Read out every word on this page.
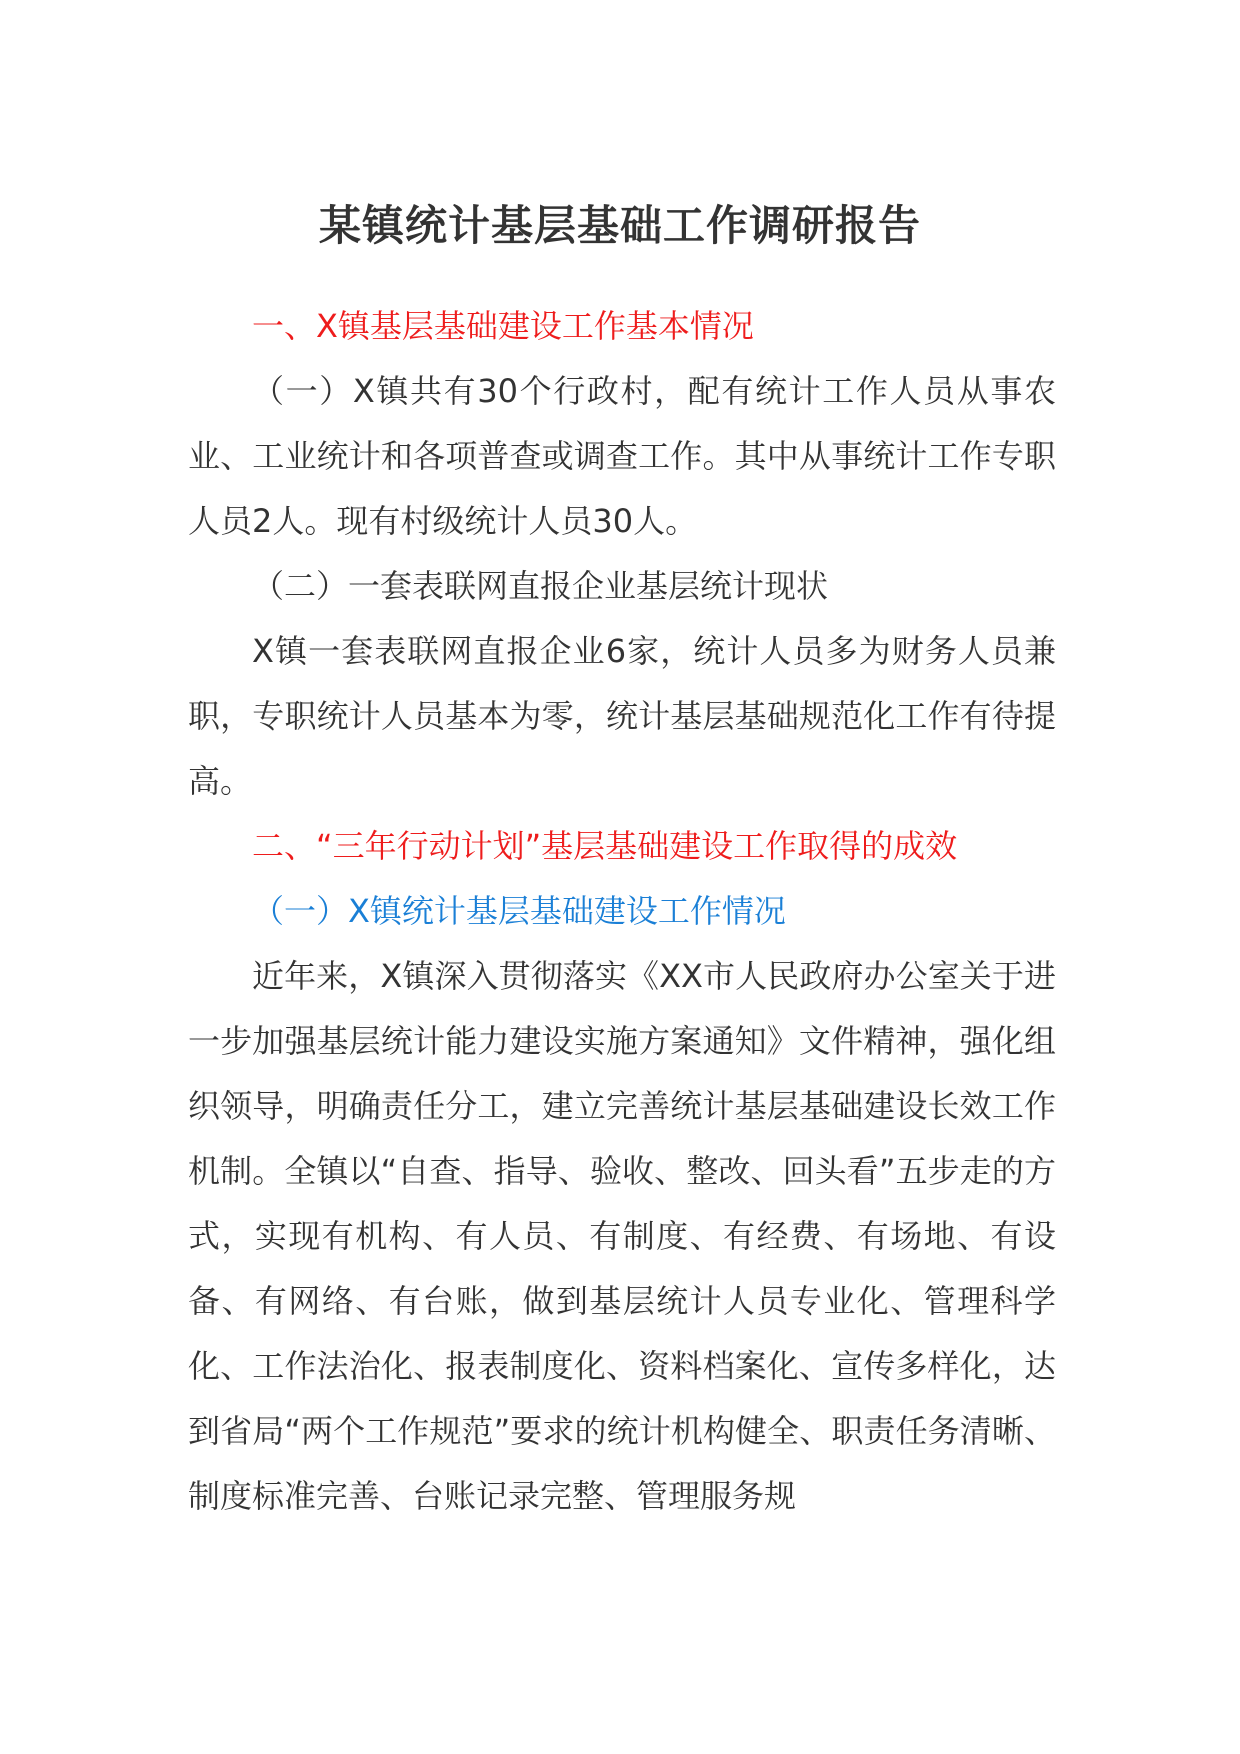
某镇统计基层基础工作调研报告

一、X镇基层基础建设工作基本情况

（一）X镇共有30个行政村，配有统计工作人员从事农业、工业统计和各项普查或调查工作。其中从事统计工作专职人员2人。现有村级统计人员30人。

（二）一套表联网直报企业基层统计现状

X镇一套表联网直报企业6家，统计人员多为财务人员兼职，专职统计人员基本为零，统计基层基础规范化工作有待提高。

二、“三年行动计划”基层基础建设工作取得的成效

（一）X镇统计基层基础建设工作情况

近年来，X镇深入贯彻落实《XX市人民政府办公室关于进一步加强基层统计能力建设实施方案通知》文件精神，强化组织领导，明确责任分工，建立完善统计基层基础建设长效工作机制。全镇以“自查、指导、验收、整改、回头看”五步走的方式，实现有机构、有人员、有制度、有经费、有场地、有设备、有网络、有台账，做到基层统计人员专业化、管理科学化、工作法治化、报表制度化、资料档案化、宣传多样化，达到省局“两个工作规范”要求的统计机构健全、职责任务清晰、制度标准完善、台账记录完整、管理服务规
